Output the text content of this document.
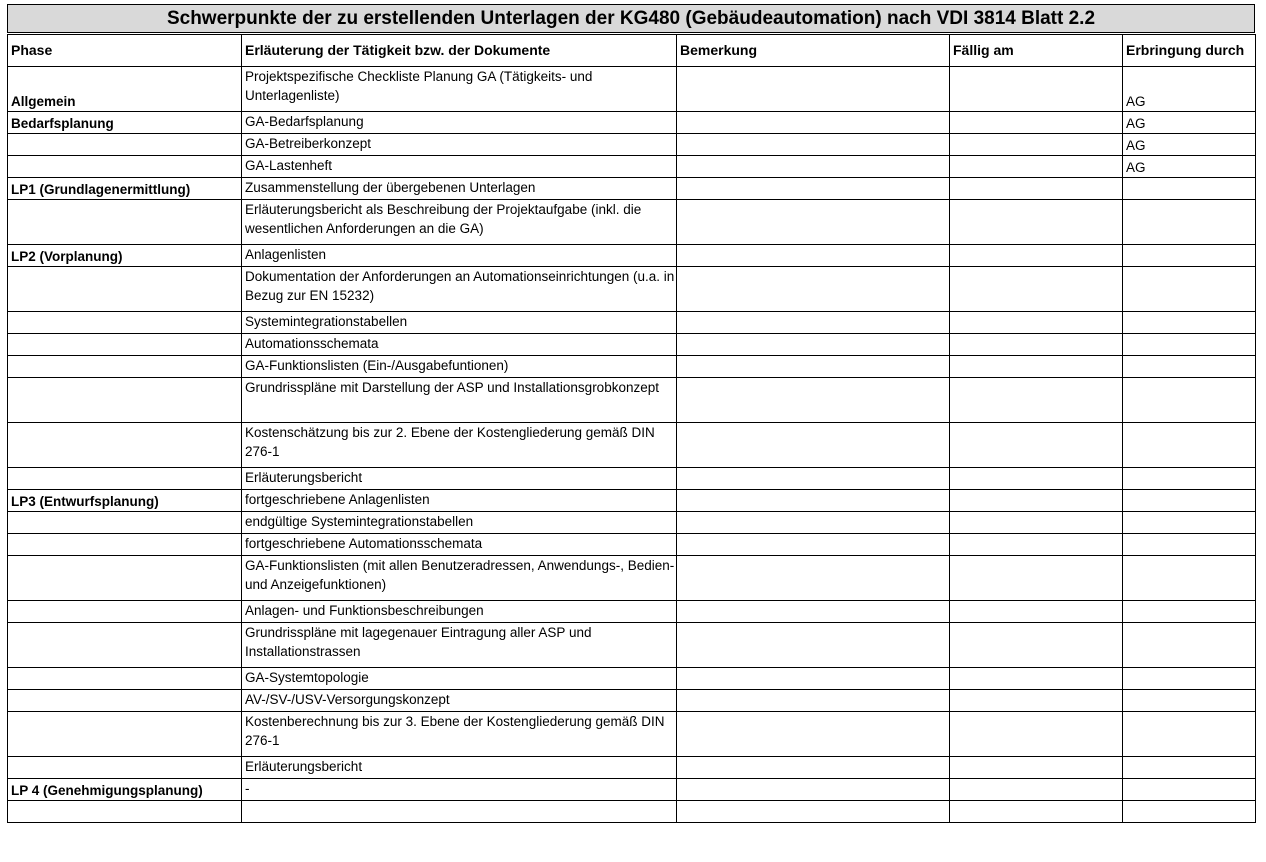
Schwerpunkte der zu erstellenden Unterlagen der KG480 (Gebäudeautomation) nach VDI 3814 Blatt 2.2
Phase	Erläuterung der Tätigkeit bzw. der Dokumente	Bemerkung	Fällig am	Erbringung durch
Allgemein	Projektspezifische Checkliste Planung GA (Tätigkeits- und Unterlagenliste)			AG
Bedarfsplanung	GA-Bedarfsplanung			AG
	GA-Betreiberkonzept			AG
	GA-Lastenheft			AG
LP1 (Grundlagenermittlung)	Zusammenstellung der übergebenen Unterlagen			
	Erläuterungsbericht als Beschreibung der Projektaufgabe (inkl. die wesentlichen Anforderungen an die GA)			
LP2 (Vorplanung)	Anlagenlisten			
	Dokumentation der Anforderungen an Automationseinrichtungen (u.a. in Bezug zur EN 15232)			
	Systemintegrationstabellen			
	Automationsschemata			
	GA-Funktionslisten (Ein-/Ausgabefuntionen)			
	Grundrisspläne mit Darstellung der ASP und Installationsgrobkonzept			
	Kostenschätzung bis zur 2. Ebene der Kostengliederung gemäß DIN 276-1			
	Erläuterungsbericht			
LP3 (Entwurfsplanung)	fortgeschriebene Anlagenlisten			
	endgültige Systemintegrationstabellen			
	fortgeschriebene Automationsschemata			
	GA-Funktionslisten (mit allen Benutzeradressen, Anwendungs-, Bedien- und Anzeigefunktionen)			
	Anlagen- und Funktionsbeschreibungen			
	Grundrisspläne mit lagegenauer Eintragung aller ASP und Installationstrassen			
	GA-Systemtopologie			
	AV-/SV-/USV-Versorgungskonzept			
	Kostenberechnung bis zur 3. Ebene der Kostengliederung gemäß DIN 276-1			
	Erläuterungsbericht			
LP 4 (Genehmigungsplanung)	-			
